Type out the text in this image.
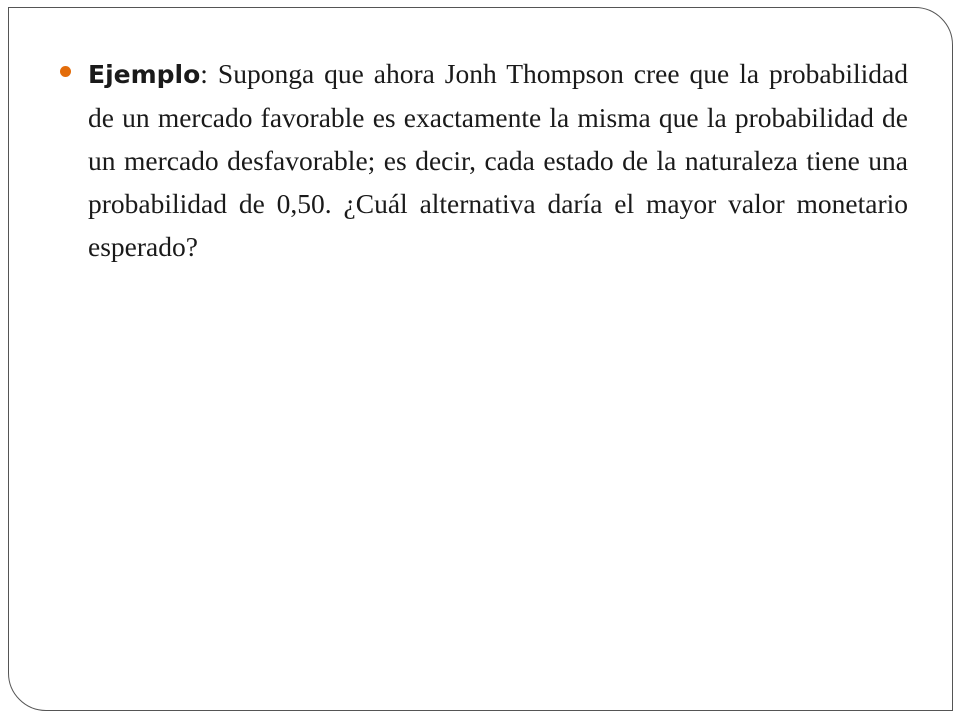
Ejemplo: Suponga que ahora Jonh Thompson cree que la probabilidad de un mercado favorable es exactamente la misma que la probabilidad de un mercado desfavorable; es decir, cada estado de la naturaleza tiene una probabilidad de 0,50. ¿Cuál alternativa daría el mayor valor monetario esperado?
